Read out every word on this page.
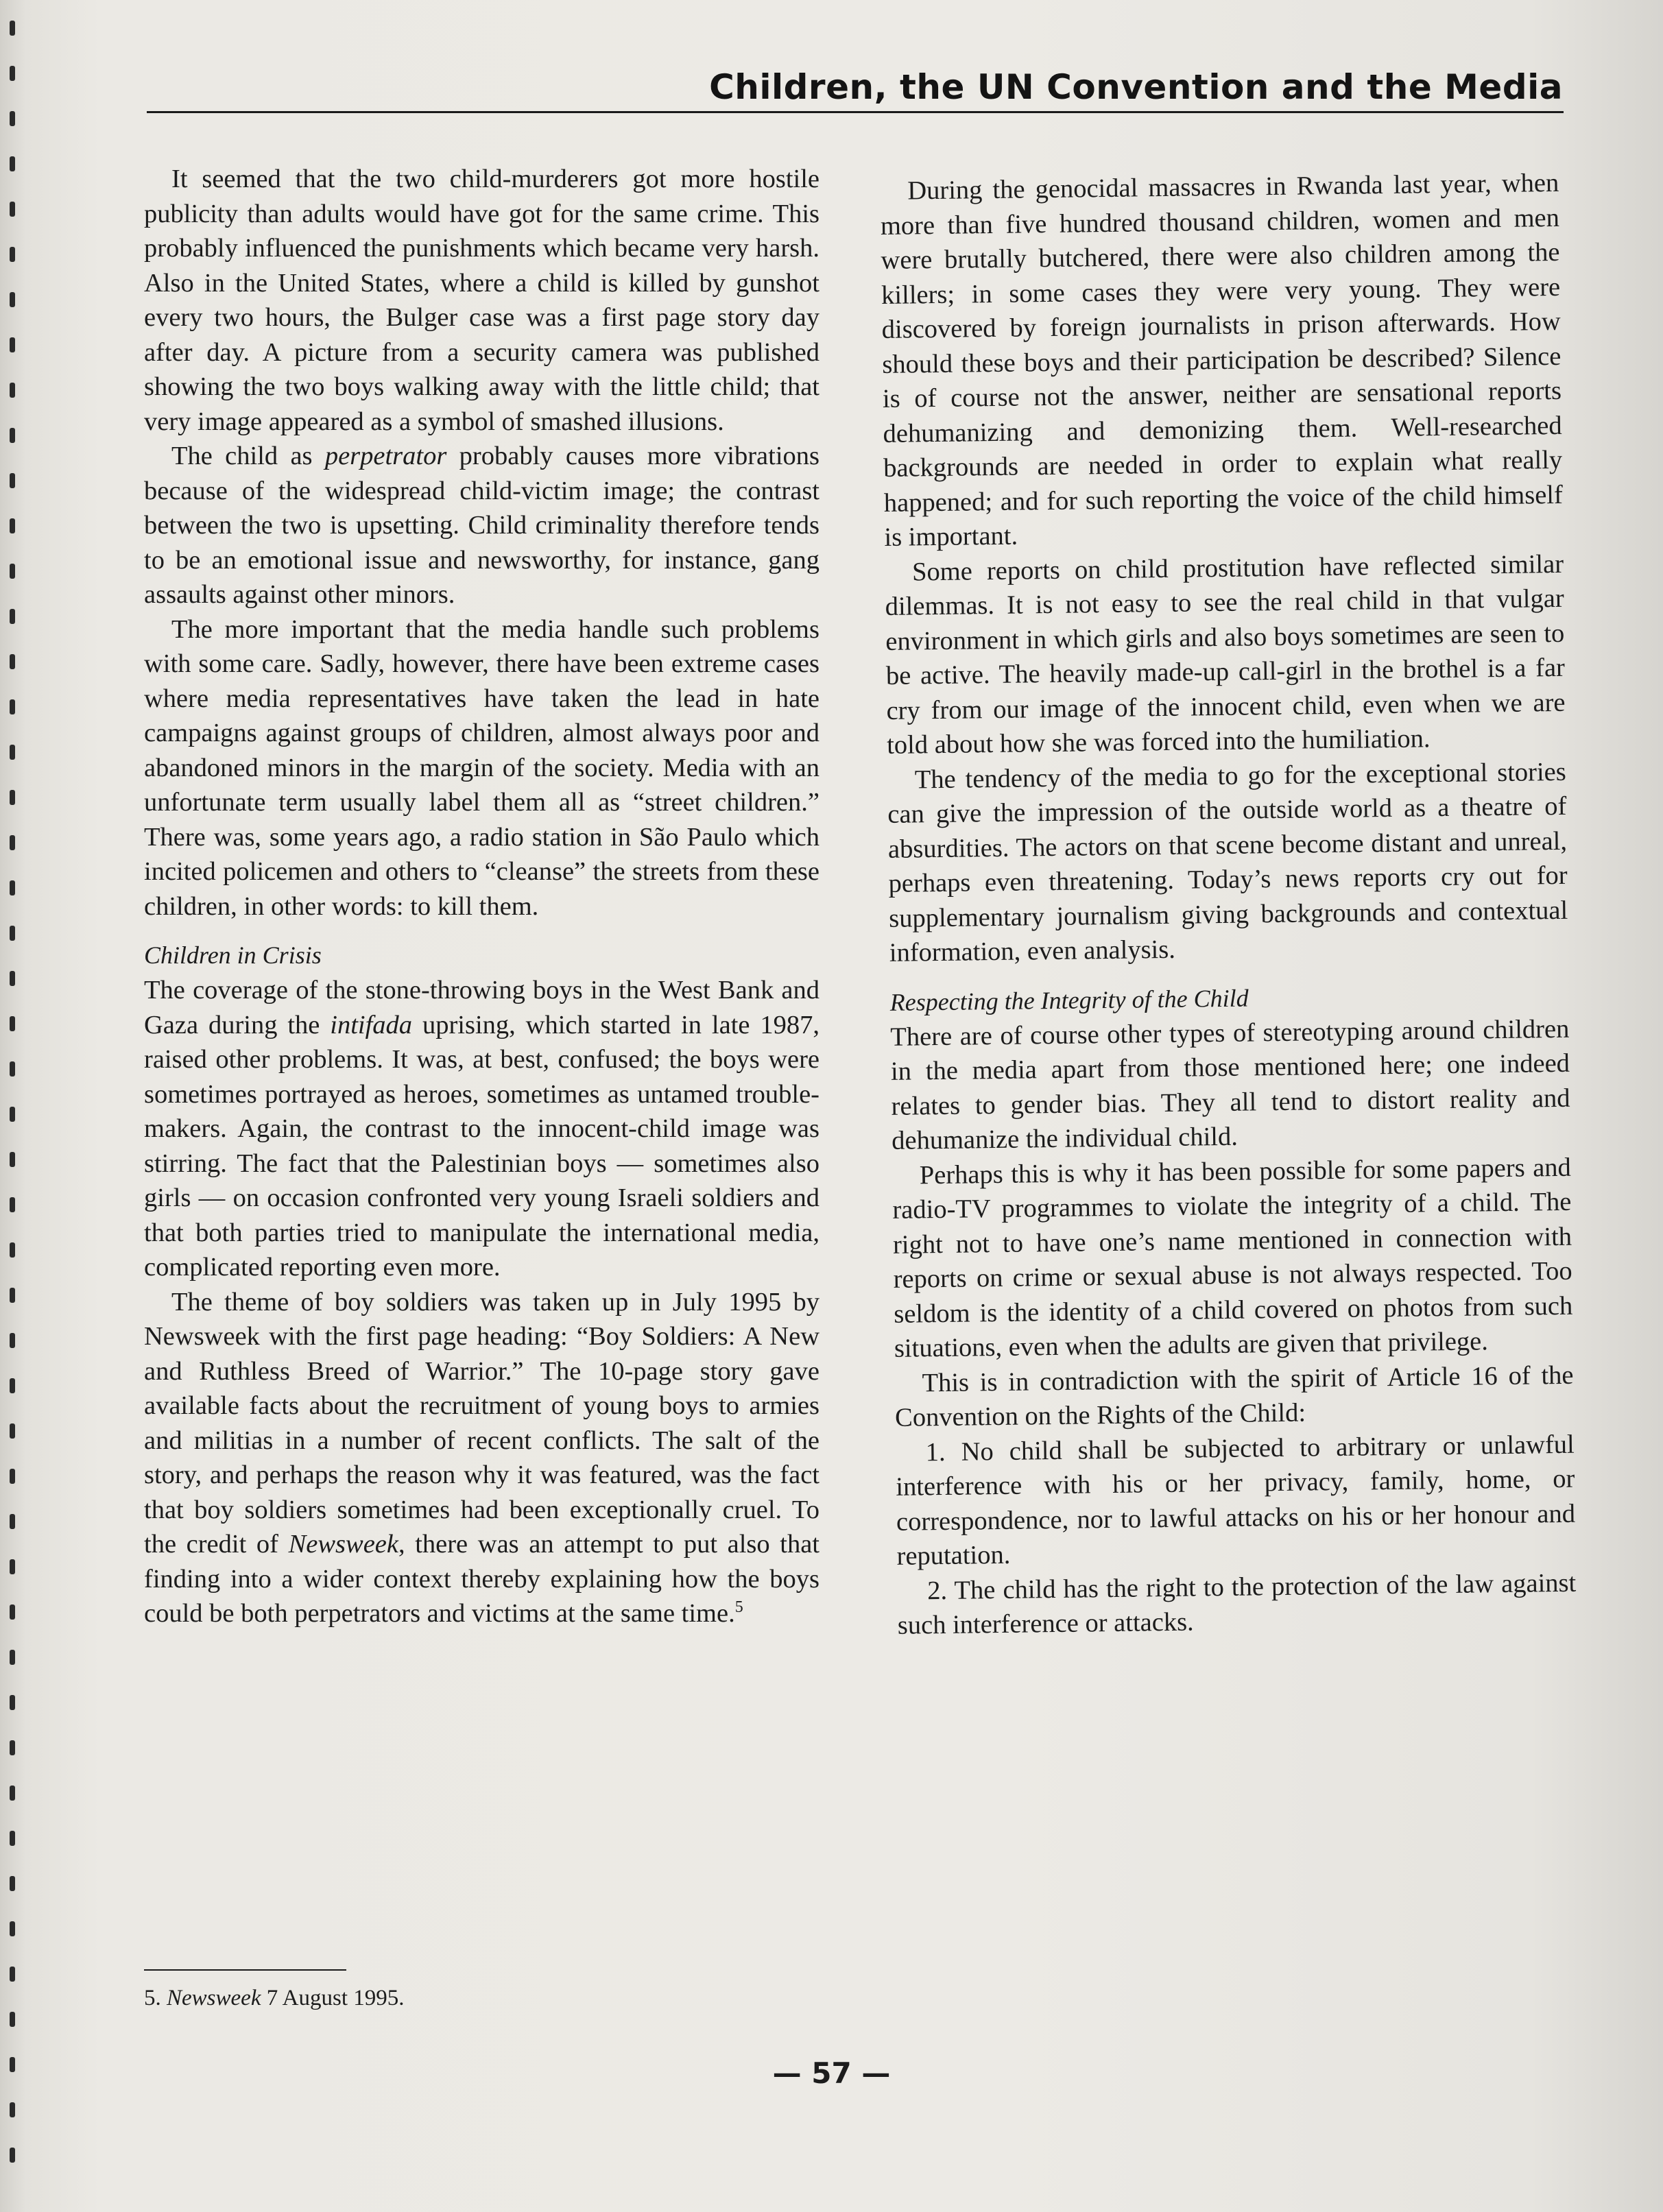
Children, the UN Convention and the Media

It seemed that the two child-murderers got more hostile publicity than adults would have got for the same crime. This probably influenced the punishments which became very harsh. Also in the United States, where a child is killed by gunshot every two hours, the Bulger case was a first page story day after day. A picture from a security camera was published showing the two boys walking away with the little child; that very image appeared as a symbol of smashed illusions.

The child as perpetrator probably causes more vibrations because of the widespread child-victim image; the contrast between the two is upsetting. Child criminality therefore tends to be an emotional issue and newsworthy, for instance, gang assaults against other minors.

The more important that the media handle such problems with some care. Sadly, however, there have been extreme cases where media representatives have taken the lead in hate campaigns against groups of children, almost always poor and abandoned minors in the margin of the society. Media with an unfortunate term usually label them all as “street children.” There was, some years ago, a radio station in São Paulo which incited policemen and others to “cleanse” the streets from these children, in other words: to kill them.

Children in Crisis

The coverage of the stone-throwing boys in the West Bank and Gaza during the intifada uprising, which started in late 1987, raised other problems. It was, at best, confused; the boys were sometimes portrayed as heroes, sometimes as untamed trouble-makers. Again, the contrast to the innocent-child image was stirring. The fact that the Palestinian boys — sometimes also girls — on occasion confronted very young Israeli soldiers and that both parties tried to manipulate the international media, complicated reporting even more.

The theme of boy soldiers was taken up in July 1995 by Newsweek with the first page heading: “Boy Soldiers: A New and Ruthless Breed of Warrior.” The 10-page story gave available facts about the recruitment of young boys to armies and militias in a number of recent conflicts. The salt of the story, and perhaps the reason why it was featured, was the fact that boy soldiers sometimes had been exceptionally cruel. To the credit of Newsweek, there was an attempt to put also that finding into a wider context thereby explaining how the boys could be both perpetrators and victims at the same time.$^5$

During the genocidal massacres in Rwanda last year, when more than five hundred thousand children, women and men were brutally butchered, there were also children among the killers; in some cases they were very young. They were discovered by foreign journalists in prison afterwards. How should these boys and their participation be described? Silence is of course not the answer, neither are sensational reports dehumanizing and demonizing them. Well-researched backgrounds are needed in order to explain what really happened; and for such reporting the voice of the child himself is important.

Some reports on child prostitution have reflected similar dilemmas. It is not easy to see the real child in that vulgar environment in which girls and also boys sometimes are seen to be active. The heavily made-up call-girl in the brothel is a far cry from our image of the innocent child, even when we are told about how she was forced into the humiliation.

The tendency of the media to go for the exceptional stories can give the impression of the outside world as a theatre of absurdities. The actors on that scene become distant and unreal, perhaps even threatening. Today’s news reports cry out for supplementary journalism giving backgrounds and contextual information, even analysis.

Respecting the Integrity of the Child

There are of course other types of stereotyping around children in the media apart from those mentioned here; one indeed relates to gender bias. They all tend to distort reality and dehumanize the individual child.

Perhaps this is why it has been possible for some papers and radio-TV programmes to violate the integrity of a child. The right not to have one’s name mentioned in connection with reports on crime or sexual abuse is not always respected. Too seldom is the identity of a child covered on photos from such situations, even when the adults are given that privilege.

This is in contradiction with the spirit of Article 16 of the Convention on the Rights of the Child:

1. No child shall be subjected to arbitrary or unlawful interference with his or her privacy, family, home, or correspondence, nor to lawful attacks on his or her honour and reputation.

2. The child has the right to the protection of the law against such interference or attacks.

5. Newsweek 7 August 1995.
— 57 —
